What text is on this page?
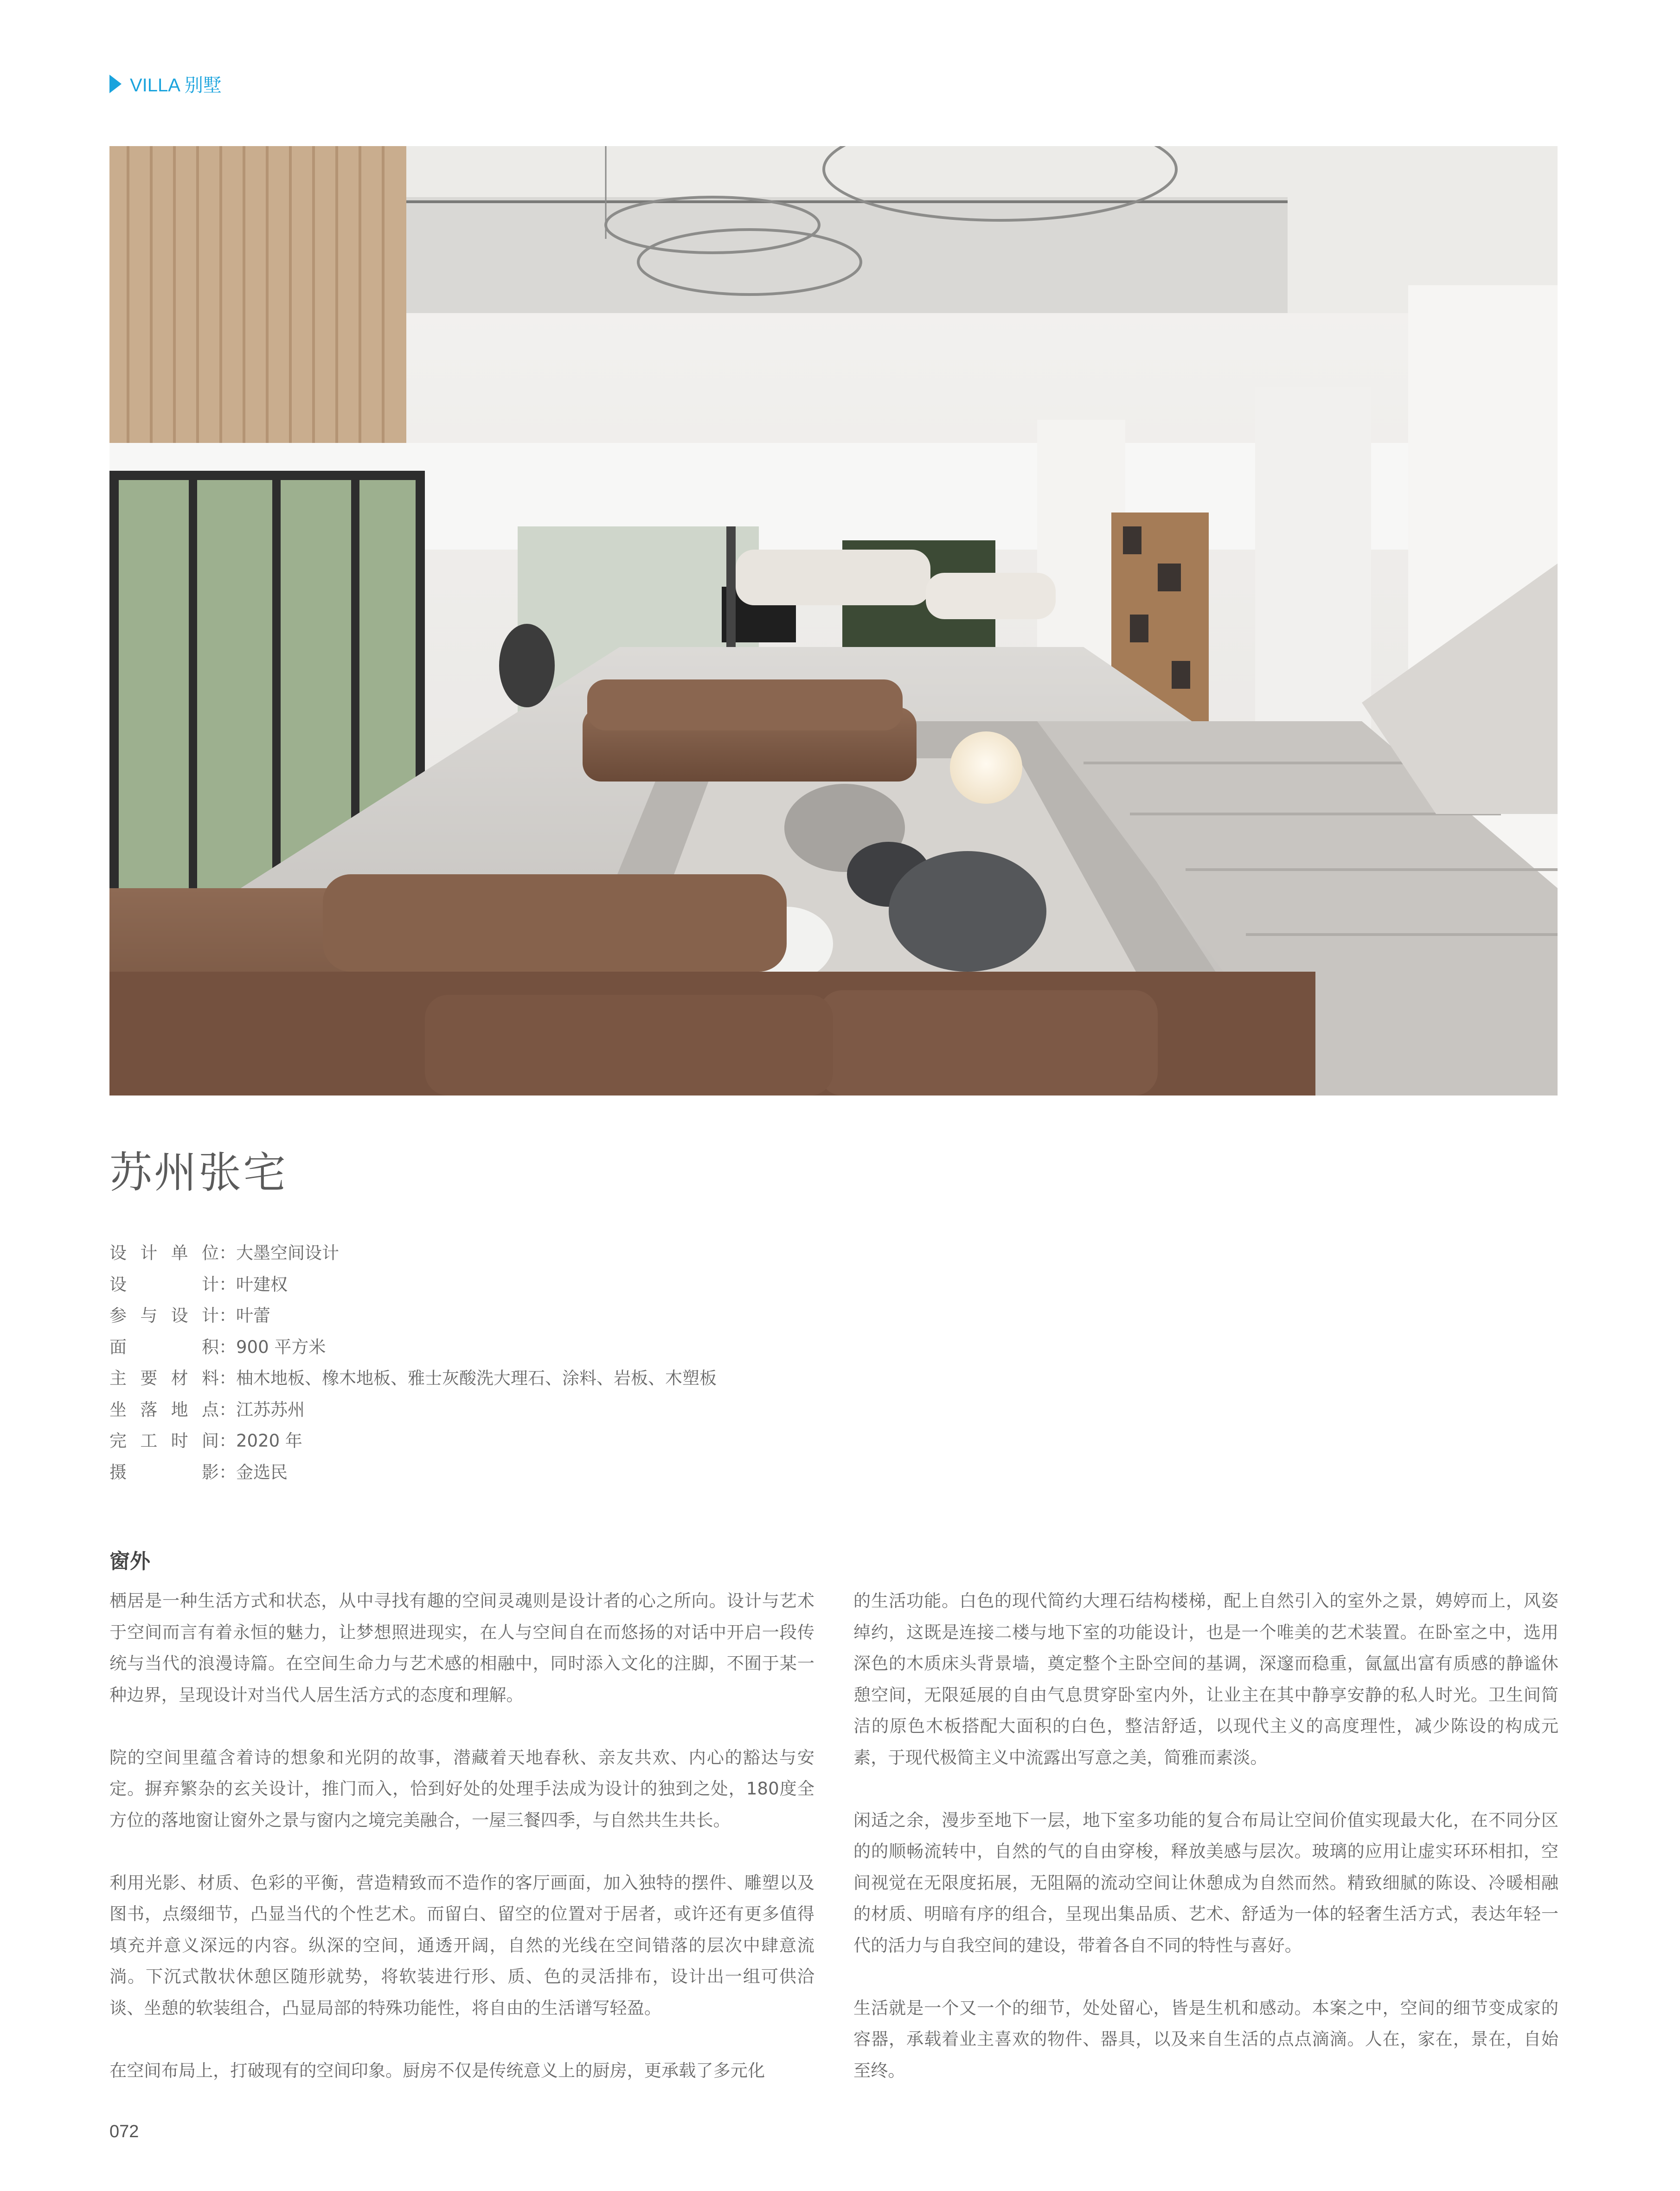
VILLA 别墅
苏州张宅
设计单位 ： 大墨空间设计
设计 ： 叶建权
参与设计 ： 叶蕾
面积 ： 900 平方米
主要材料 ： 柚木地板、橡木地板、雅士灰酸洗大理石、涂料、岩板、木塑板
坐落地点 ： 江苏苏州
完工时间 ： 2020 年
摄影 ： 金选民
窗外

栖居是一种生活方式和状态，从中寻找有趣的空间灵魂则是设计者的心之所向。设计与艺术于空间而言有着永恒的魅力，让梦想照进现实，在人与空间自在而悠扬的对话中开启一段传统与当代的浪漫诗篇。在空间生命力与艺术感的相融中，同时添入文化的注脚，不囿于某一种边界，呈现设计对当代人居生活方式的态度和理解。

院的空间里蕴含着诗的想象和光阴的故事，潜藏着天地春秋、亲友共欢、内心的豁达与安定。摒弃繁杂的玄关设计，推门而入，恰到好处的处理手法成为设计的独到之处，180度全方位的落地窗让窗外之景与窗内之境完美融合，一屋三餐四季，与自然共生共长。

利用光影、材质、色彩的平衡，营造精致而不造作的客厅画面，加入独特的摆件、雕塑以及图书，点缀细节，凸显当代的个性艺术。而留白、留空的位置对于居者，或许还有更多值得填充并意义深远的内容。纵深的空间，通透开阔，自然的光线在空间错落的层次中肆意流淌。下沉式散状休憩区随形就势，将软装进行形、质、色的灵活排布，设计出一组可供洽谈、坐憩的软装组合，凸显局部的特殊功能性，将自由的生活谱写轻盈。

在空间布局上，打破现有的空间印象。厨房不仅是传统意义上的厨房，更承载了多元化

的生活功能。白色的现代简约大理石结构楼梯，配上自然引入的室外之景，娉婷而上，风姿绰约，这既是连接二楼与地下室的功能设计，也是一个唯美的艺术装置。在卧室之中，选用深色的木质床头背景墙，奠定整个主卧空间的基调，深邃而稳重，氤氲出富有质感的静谧休憩空间，无限延展的自由气息贯穿卧室内外，让业主在其中静享安静的私人时光。卫生间简洁的原色木板搭配大面积的白色，整洁舒适，以现代主义的高度理性，减少陈设的构成元素，于现代极简主义中流露出写意之美，简雅而素淡。

闲适之余，漫步至地下一层，地下室多功能的复合布局让空间价值实现最大化，在不同分区的的顺畅流转中，自然的气的自由穿梭，释放美感与层次。玻璃的应用让虚实环环相扣，空间视觉在无限度拓展，无阻隔的流动空间让休憩成为自然而然。精致细腻的陈设、冷暖相融的材质、明暗有序的组合，呈现出集品质、艺术、舒适为一体的轻奢生活方式，表达年轻一代的活力与自我空间的建设，带着各自不同的特性与喜好。

生活就是一个又一个的细节，处处留心，皆是生机和感动。本案之中，空间的细节变成家的容器，承载着业主喜欢的物件、器具，以及来自生活的点点滴滴。人在，家在，景在，自始至终。

072
